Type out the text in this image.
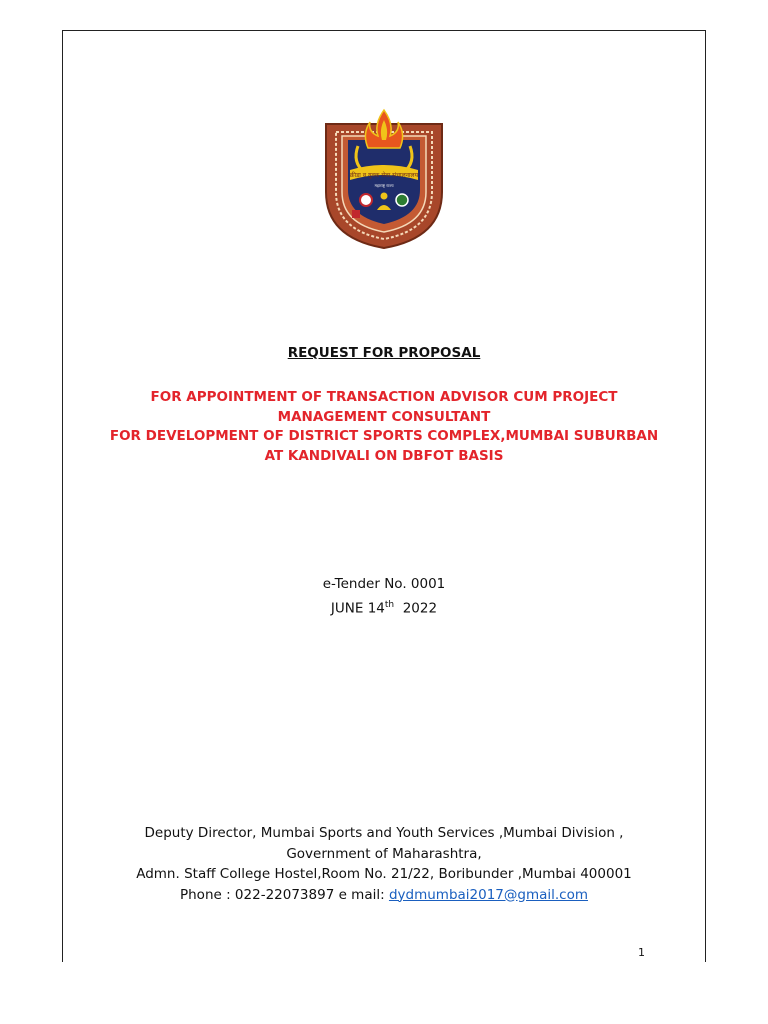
क्रीडा व युवक सेवा संचालनालय
महाराष्ट्र राज्य
REQUEST FOR PROPOSAL
FOR APPOINTMENT OF TRANSACTION ADVISOR CUM PROJECT
MANAGEMENT CONSULTANT
FOR DEVELOPMENT OF DISTRICT SPORTS COMPLEX,MUMBAI SUBURBAN
AT KANDIVALI ON DBFOT BASIS
e-Tender No. 0001
JUNE 14th  2022
Deputy Director, Mumbai Sports and Youth Services ,Mumbai Division ,
Government of Maharashtra,
Admn. Staff College Hostel,Room No. 21/22, Boribunder ,Mumbai 400001
Phone : 022-22073897 e mail: dydmumbai2017@gmail.com
1
